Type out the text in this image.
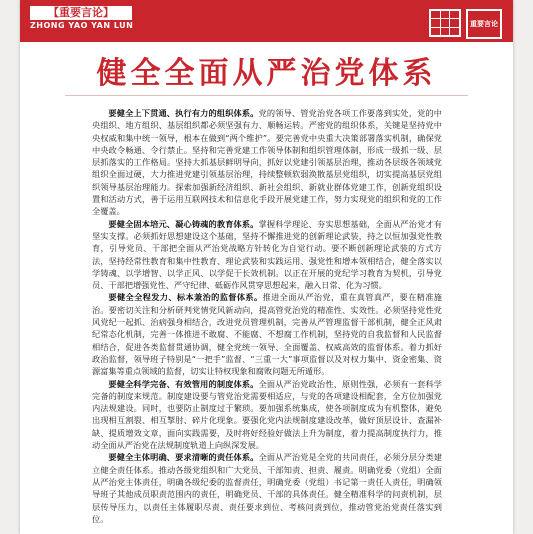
【重要言论】
ZHONG YAO YAN LUN	重要言论
健全全面从严治党体系

要健全上下贯通、执行有力的组织体系。党的领导、管党治党各项工作要落到实处，党的中央组织、地方组织、基层组织都必须坚强有力、顺畅运转。严密党的组织体系，关键是坚持党中央权威和集中统一领导，根本在做到“两个维护”。要完善党中央重大决策部署落实机制，确保党中央政令畅通、令行禁止。坚持和完善党建工作领导体制和组织管理体制，形成一级抓一级、层层抓落实的工作格局。坚持大抓基层鲜明导向，抓好以党建引领基层治理，推动各层级各领域党组织全面过硬，大力推进党建引领基层治理，持续整顿软弱涣散基层党组织，切实提高基层党组织领导基层治理能力。探索加强新经济组织、新社会组织、新就业群体党建工作，创新党组织设置和活动方式，善于运用互联网技术和信息化手段开展党建工作，努力实现党的组织和党的工作全覆盖。

要健全固本培元、凝心铸魂的教育体系。掌握科学理论、夯实思想基础，全面从严治党才有坚实支撑。必须抓好思想建设这个基础，坚持不懈推进党的创新理论武装，持之以恒加强党性教育，引导党员、干部把全面从严治党战略方针转化为自觉行动。要不断创新理论武装的方式方法，坚持经常性教育和集中性教育、理论武装和实践运用、强党性和增本领相结合，健全落实以学铸魂、以学增智、以学正风、以学促干长效机制。以正在开展的党纪学习教育为契机，引导党员、干部把增强党性、严守纪律、砥砺作风贯穿思想起来，融入日常、化为习惯。

要健全全程发力、标本兼治的监督体系。推进全面从严治党，重在真管真严，要在精准施治。要密切关注和分析研判党情党风新动向，提高管党治党的精准性、实效性。必须坚持党性党风党纪一起抓、治病强身相结合，改进党员管理机制，完善从严管理监督干部机制，健全正风肃纪常态化机制，完善一体推进不敢腐、不能腐、不想腐工作机制，坚持党的自我监督和人民监督相结合，促进各类监督贯通协调，健全党统一领导、全面覆盖、权威高效的监督体系。着力抓好政治监督，领导班子特别是“一把手”监督、“三重一大”事项监督以及对权力集中、资金密集、资源富集等重点领域的监督，切实让特权现象和腐败问题无所遁形。

要健全科学完备、有效管用的制度体系。全面从严治党政治性、原则性强，必须有一套科学完备的制度来规范。制度建设要与管党治党需要相适应，与党的各项建设相配套，全方位加强党内法规建设。同时，也要防止制度过于繁琐。要加强系统集成，使各项制度成为有机整体，避免出现相互割裂、相互掣肘、碎片化现象。要强化党内法规制度建设改革，做好顶层设计、查漏补缺、提质增效文章，面向实践需要，及时将好经验好做法上升为制度，着力提高制度执行力，推动全面从严治党在法规制度轨道上向纵深发展。

要健全主体明确、要求清晰的责任体系。全面从严治党是全党的共同责任，必须分层分类建立健全责任体系。推动各级党组织和广大党员、干部知责、担责、履责。明确党委（党组）全面从严治党主体责任，明确各级纪委的监督责任，明确党委（党组）书记第一责任人责任，明确领导班子其他成员职责范围内的责任，明确党员、干部的具体责任。健全精准科学的问责机制，层层传导压力，以责任主体履职尽责、责任要求到位、考核问责到位，推动管党治党责任落实到位。
